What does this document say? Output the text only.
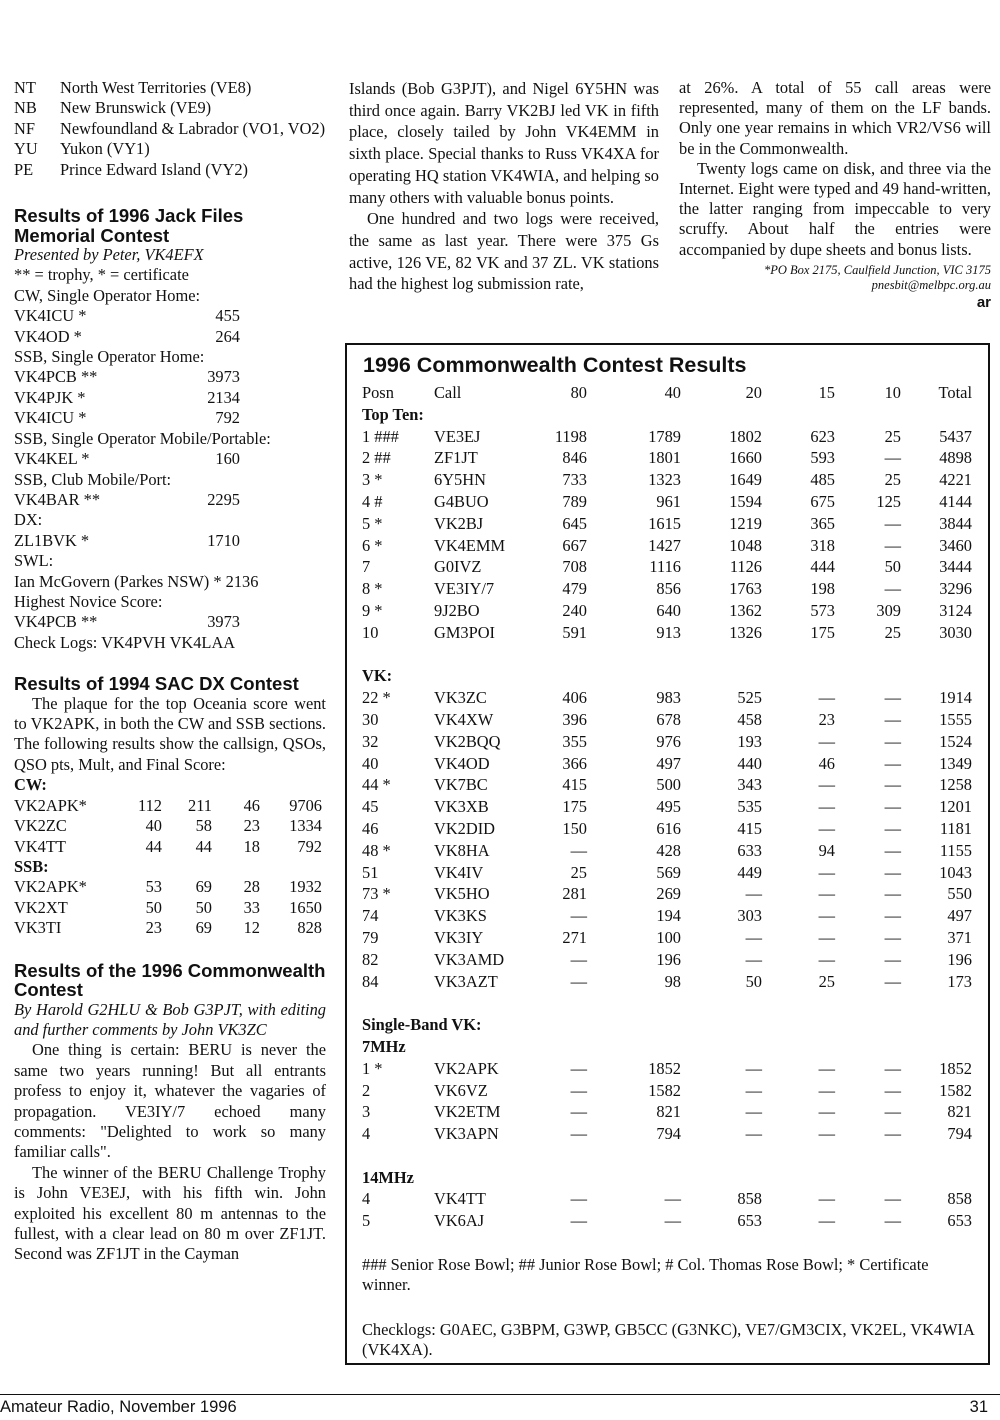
NT	North West Territories (VE8)
NB	New Brunswick (VE9)
NF	Newfoundland & Labrador (VO1, VO2)
YU	Yukon (VY1)
PE	Prince Edward Island (VY2)
Results of 1996 Jack Files Memorial Contest
Presented by Peter, VK4EFX
** = trophy, * = certificate
CW, Single Operator Home:
VK4ICU *	455
VK4OD *	264
SSB, Single Operator Home:
VK4PCB **	3973
VK4PJK *	2134
VK4ICU *	792
SSB, Single Operator Mobile/Portable:
VK4KEL *	160
SSB, Club Mobile/Port:
VK4BAR **	2295
DX:
ZL1BVK *	1710
SWL:
Ian McGovern (Parkes NSW) * 2136
Highest Novice Score:
VK4PCB **	3973
Check Logs: VK4PVH VK4LAA
Results of 1994 SAC DX Contest
The plaque for the top Oceania score went to VK2APK, in both the CW and SSB sections. The following results show the callsign, QSOs, QSO pts, Mult, and Final Score:
CW:
VK2APK*	112	211	46	9706
VK2ZC	40	58	23	1334
VK4TT	44	44	18	792
SSB:
VK2APK*	53	69	28	1932
VK2XT	50	50	33	1650
VK3TI	23	69	12	828
Results of the 1996 Commonwealth Contest
By Harold G2HLU & Bob G3PJT, with editing and further comments by John VK3ZC
One thing is certain: BERU is never the same two years running! But all entrants profess to enjoy it, whatever the vagaries of propagation. VE3IY/7 echoed many comments: "Delighted to work so many familiar calls".
The winner of the BERU Challenge Trophy is John VE3EJ, with his fifth win. John exploited his excellent 80 m antennas to the fullest, with a clear lead on 80 m over ZF1JT. Second was ZF1JT in the Cayman
Islands (Bob G3PJT), and Nigel 6Y5HN was third once again. Barry VK2BJ led VK in fifth place, closely tailed by John VK4EMM in sixth place. Special thanks to Russ VK4XA for operating HQ station VK4WIA, and helping so many others with valuable bonus points.
One hundred and two logs were received, the same as last year. There were 375 Gs active, 126 VE, 82 VK and 37 ZL. VK stations had the highest log submission rate,
at 26%. A total of 55 call areas were represented, many of them on the LF bands. Only one year remains in which VR2/VS6 will be in the Commonwealth.
Twenty logs came on disk, and three via the Internet. Eight were typed and 49 hand-written, the latter ranging from impeccable to very scruffy. About half the entries were accompanied by dupe sheets and bonus lists.
*PO Box 2175, Caulfield Junction, VIC 3175
pnesbit@melbpc.org.au
ar
1996 Commonwealth Contest Results
Posn Call	80	40	20	15	10 Total
Top Ten:
1 ### VE3EJ	1198	1789	1802	623	25 5437
2 ##	ZF1JT	846	1801	1660	593	— 4898
3 *	6Y5HN	733	1323	1649	485	25 4221
4 #	G4BUO	789	961	1594	675	125 4144
5 *	VK2BJ	645	1615	1219	365	— 3844
6 *	VK4EMM	667	1427	1048	318	— 3460
7	G0IVZ	708	1116	1126	444	50 3444
8 *	VE3IY/7	479	856	1763	198	— 3296
9 *	9J2BO	240	640	1362	573	309 3124
10	GM3POI	591	913	1326	175	25 3030
VK:
22 *	VK3ZC	406	983	525	—	— 1914
30	VK4XW	396	678	458	23	— 1555
32	VK2BQQ	355	976	193	—	— 1524
40	VK4OD	366	497	440	46	— 1349
44 *	VK7BC	415	500	343	—	— 1258
45	VK3XB	175	495	535	—	— 1201
46	VK2DID	150	616	415	—	— 1181
48 *	VK8HA	—	428	633	94	— 1155
51	VK4IV	25	569	449	—	— 1043
73 *	VK5HO	281	269	—	—	—	550
74	VK3KS	—	194	303	—	—	497
79	VK3IY	271	100	—	—	—	371
82	VK3AMD	—	196	—	—	—	196
84	VK3AZT	—	98	50	25	—	173
Single-Band VK:
7MHz
1 *	VK2APK	—	1852	—	—	— 1852
2	VK6VZ	—	1582	—	—	— 1582
3	VK2ETM	—	821	—	—	—	821
4	VK3APN	—	794	—	—	—	794
14MHz
4	VK4TT	—	—	858	—	—	858
5	VK6AJ	—	—	653	—	—	653
### Senior Rose Bowl; ## Junior Rose Bowl; # Col. Thomas Rose Bowl; * Certificate winner.
Checklogs: G0AEC, G3BPM, G3WP, GB5CC (G3NKC), VE7/GM3CIX, VK2EL, VK4WIA (VK4XA).
Amateur Radio, November 1996	31
